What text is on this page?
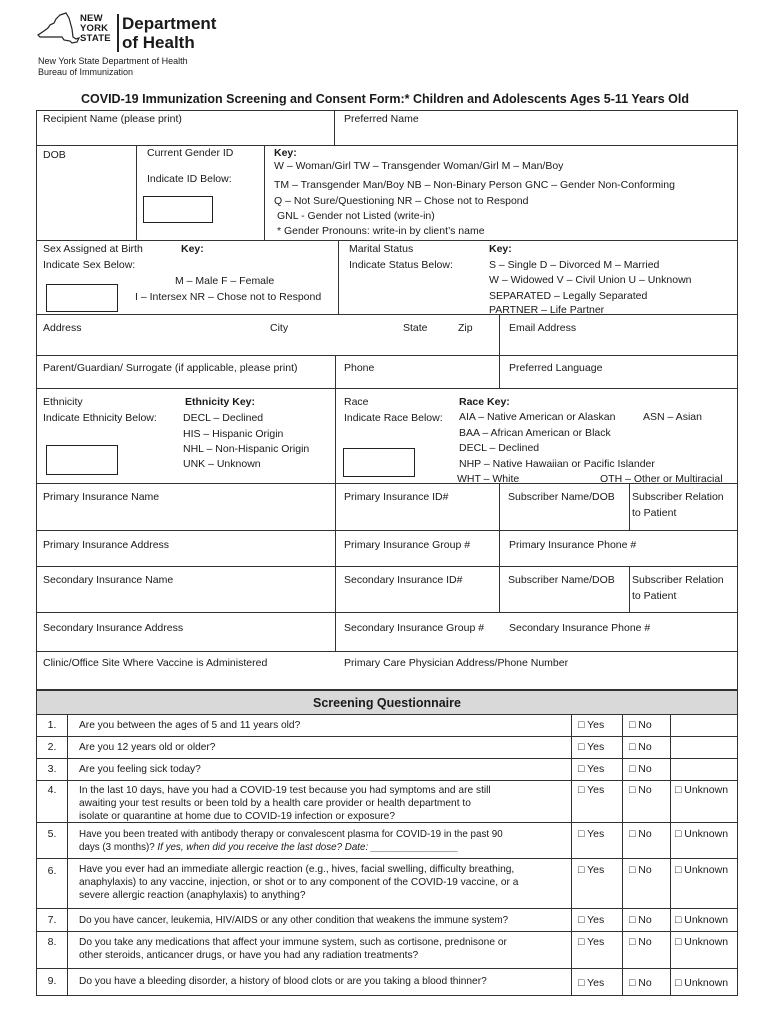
NEW
YORK
STATE
Department
of Health
New York State Department of Health
Bureau of Immunization
COVID-19 Immunization Screening and Consent Form:* Children and Adolescents Ages 5-11 Years Old
Recipient Name (please print)	Preferred Name
DOB	Current Gender ID
Indicate ID Below:
Key:
W – Woman/Girl TW – Transgender Woman/Girl M – Man/Boy
TM – Transgender Man/Boy NB – Non-Binary Person GNC – Gender Non-Conforming
Q – Not Sure/Questioning NR – Chose not to Respond
GNL - Gender not Listed (write-in)
* Gender Pronouns: write-in by client’s name
Sex Assigned at Birth	Key:
Indicate Sex Below:
M – Male F – Female
I – Intersex NR – Chose not to Respond
Marital Status	Key:
Indicate Status Below:	S – Single D – Divorced M – Married
W – Widowed V – Civil Union U – Unknown
SEPARATED – Legally Separated
PARTNER – Life Partner
Address	City	State	Zip	Email Address
Parent/Guardian/ Surrogate (if applicable, please print)	Phone	Preferred Language
Ethnicity
Indicate Ethnicity Below:
Ethnicity Key:
DECL – Declined
HIS – Hispanic Origin
NHL – Non-Hispanic Origin
UNK – Unknown
Race
Indicate Race Below:
Race Key:
AIA – Native American or Alaskan	ASN – Asian
BAA – African American or Black
DECL – Declined
NHP – Native Hawaiian or Pacific Islander
WHT – White	OTH – Other or Multiracial
Primary Insurance Name	Primary Insurance ID#	Subscriber Name/DOB Subscriber Relation
to Patient
Primary Insurance Address	Primary Insurance Group #	Primary Insurance Phone #
Secondary Insurance Name	Secondary Insurance ID#	Subscriber Name/DOB Subscriber Relation
to Patient
Secondary Insurance Address	Secondary Insurance Group # Secondary Insurance Phone #
Clinic/Office Site Where Vaccine is Administered	Primary Care Physician Address/Phone Number
Screening Questionnaire
1.	Are you between the ages of 5 and 11 years old?	□ Yes □ No
2.	Are you 12 years old or older?	□ Yes □ No
3.	Are you feeling sick today?	□ Yes □ No
4.	In the last 10 days, have you had a COVID-19 test because you had symptoms and are still
awaiting your test results or been told by a health care provider or health department to
isolate or quarantine at home due to COVID-19 infection or exposure?
□ Yes □ No □ Unknown
5.	Have you been treated with antibody therapy or convalescent plasma for COVID-19 in the past 90
days (3 months)? If yes, when did you receive the last dose? Date: ________________
□ Yes □ No □ Unknown
6.	Have you ever had an immediate allergic reaction (e.g., hives, facial swelling, difficulty breathing,
anaphylaxis) to any vaccine, injection, or shot or to any component of the COVID-19 vaccine, or a
severe allergic reaction (anaphylaxis) to anything?
□ Yes □ No □ Unknown
7.	Do you have cancer, leukemia, HIV/AIDS or any other condition that weakens the immune system?	□ Yes □ No □ Unknown
8.	Do you take any medications that affect your immune system, such as cortisone, prednisone or
other steroids, anticancer drugs, or have you had any radiation treatments?
□ Yes □ No □ Unknown
9.	Do you have a bleeding disorder, a history of blood clots or are you taking a blood thinner?	□ Yes □ No □ Unknown
